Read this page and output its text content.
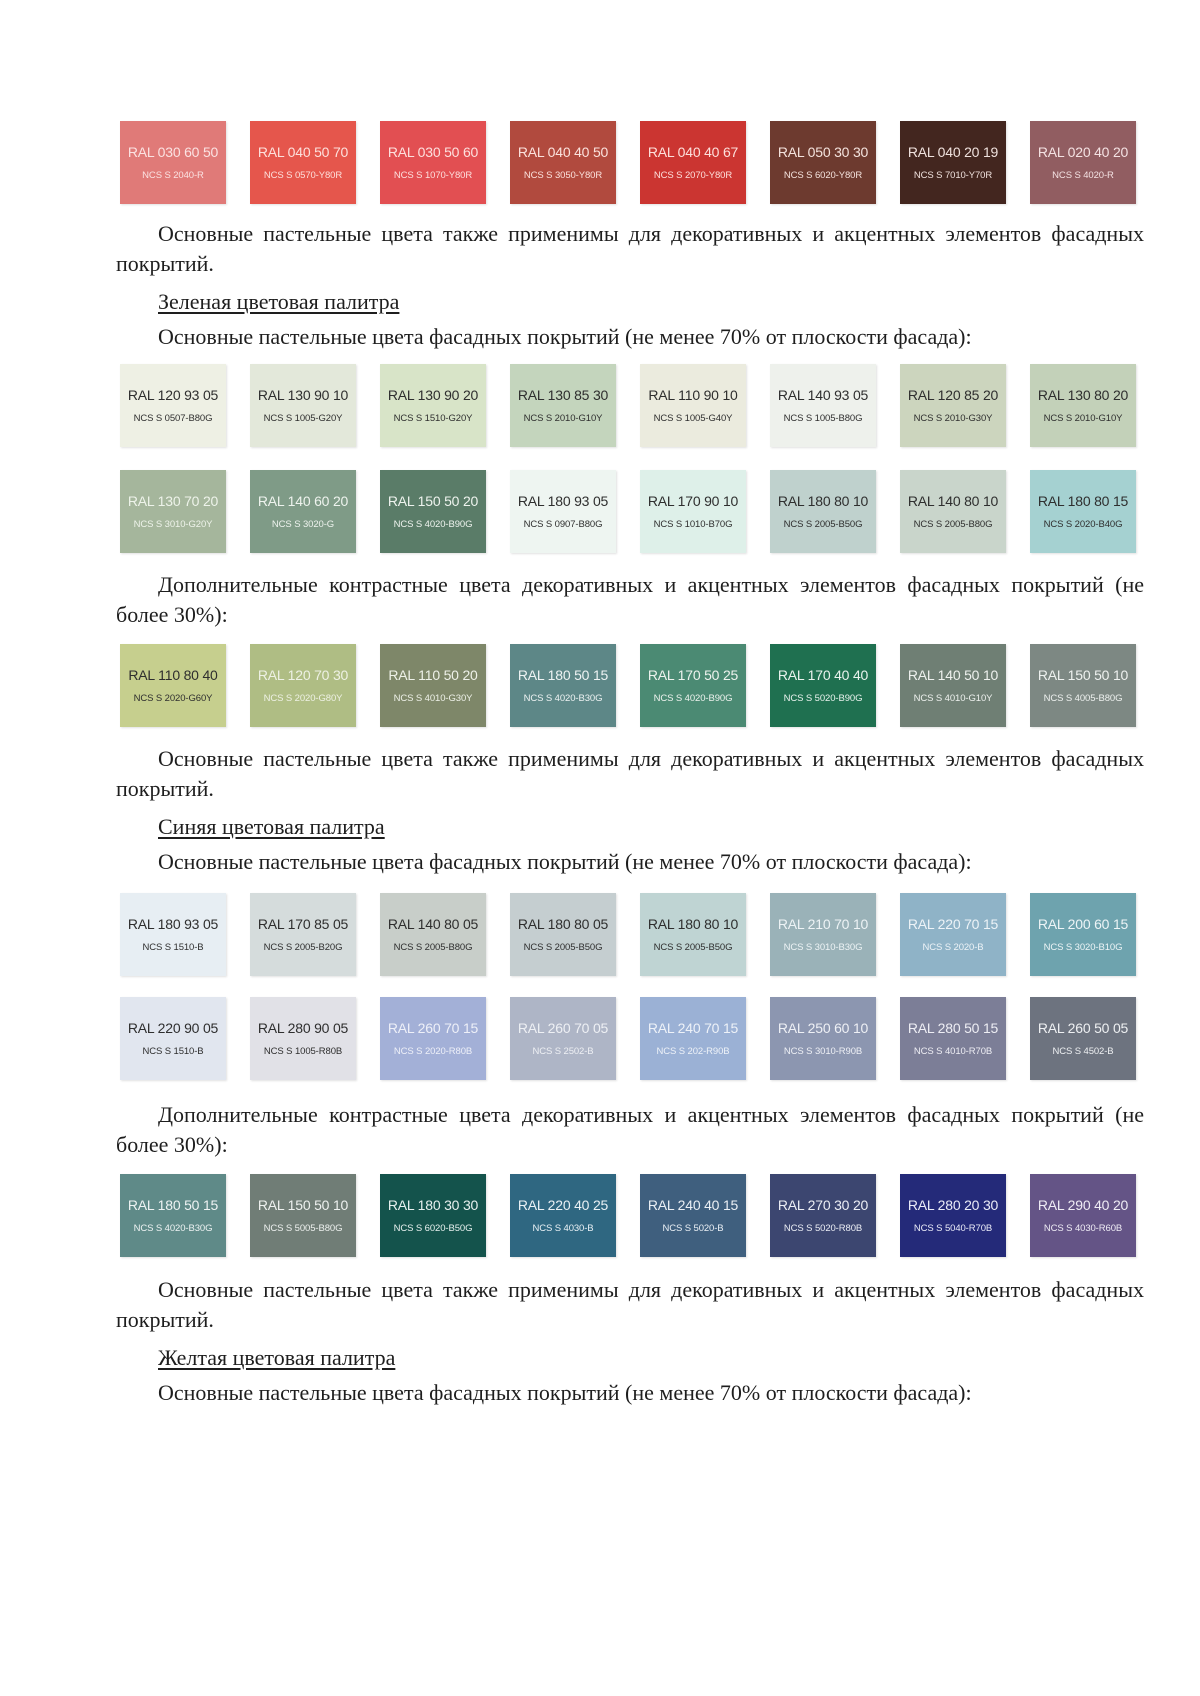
RAL 030 60 50
NCS S 2040-R
RAL 040 50 70
NCS S 0570-Y80R
RAL 030 50 60
NCS S 1070-Y80R
RAL 040 40 50
NCS S 3050-Y80R
RAL 040 40 67
NCS S 2070-Y80R
RAL 050 30 30
NCS S 6020-Y80R
RAL 040 20 19
NCS S 7010-Y70R
RAL 020 40 20
NCS S 4020-R

Основные пастельные цвета также применимы для декоративных и акцентных элементов фасадных покрытий.

Зеленая цветовая палитра

Основные пастельные цвета фасадных покрытий (не менее 70% от плоскости фасада):

RAL 120 93 05
NCS S 0507-B80G
RAL 130 90 10
NCS S 1005-G20Y
RAL 130 90 20
NCS S 1510-G20Y
RAL 130 85 30
NCS S 2010-G10Y
RAL 110 90 10
NCS S 1005-G40Y
RAL 140 93 05
NCS S 1005-B80G
RAL 120 85 20
NCS S 2010-G30Y
RAL 130 80 20
NCS S 2010-G10Y
RAL 130 70 20
NCS S 3010-G20Y
RAL 140 60 20
NCS S 3020-G
RAL 150 50 20
NCS S 4020-B90G
RAL 180 93 05
NCS S 0907-B80G
RAL 170 90 10
NCS S 1010-B70G
RAL 180 80 10
NCS S 2005-B50G
RAL 140 80 10
NCS S 2005-B80G
RAL 180 80 15
NCS S 2020-B40G

Дополнительные контрастные цвета декоративных и акцентных элементов фасадных покрытий (не более 30%):

RAL 110 80 40
NCS S 2020-G60Y
RAL 120 70 30
NCS S 2020-G80Y
RAL 110 50 20
NCS S 4010-G30Y
RAL 180 50 15
NCS S 4020-B30G
RAL 170 50 25
NCS S 4020-B90G
RAL 170 40 40
NCS S 5020-B90G
RAL 140 50 10
NCS S 4010-G10Y
RAL 150 50 10
NCS S 4005-B80G

Основные пастельные цвета также применимы для декоративных и акцентных элементов фасадных покрытий.

Синяя цветовая палитра

Основные пастельные цвета фасадных покрытий (не менее 70% от плоскости фасада):

RAL 180 93 05
NCS S 1510-B
RAL 170 85 05
NCS S 2005-B20G
RAL 140 80 05
NCS S 2005-B80G
RAL 180 80 05
NCS S 2005-B50G
RAL 180 80 10
NCS S 2005-B50G
RAL 210 70 10
NCS S 3010-B30G
RAL 220 70 15
NCS S 2020-B
RAL 200 60 15
NCS S 3020-B10G
RAL 220 90 05
NCS S 1510-B
RAL 280 90 05
NCS S 1005-R80B
RAL 260 70 15
NCS S 2020-R80B
RAL 260 70 05
NCS S 2502-B
RAL 240 70 15
NCS S 202-R90B
RAL 250 60 10
NCS S 3010-R90B
RAL 280 50 15
NCS S 4010-R70B
RAL 260 50 05
NCS S 4502-B

Дополнительные контрастные цвета декоративных и акцентных элементов фасадных покрытий (не более 30%):

RAL 180 50 15
NCS S 4020-B30G
RAL 150 50 10
NCS S 5005-B80G
RAL 180 30 30
NCS S 6020-B50G
RAL 220 40 25
NCS S 4030-B
RAL 240 40 15
NCS S 5020-B
RAL 270 30 20
NCS S 5020-R80B
RAL 280 20 30
NCS S 5040-R70B
RAL 290 40 20
NCS S 4030-R60B

Основные пастельные цвета также применимы для декоративных и акцентных элементов фасадных покрытий.

Желтая цветовая палитра

Основные пастельные цвета фасадных покрытий (не менее 70% от плоскости фасада):
